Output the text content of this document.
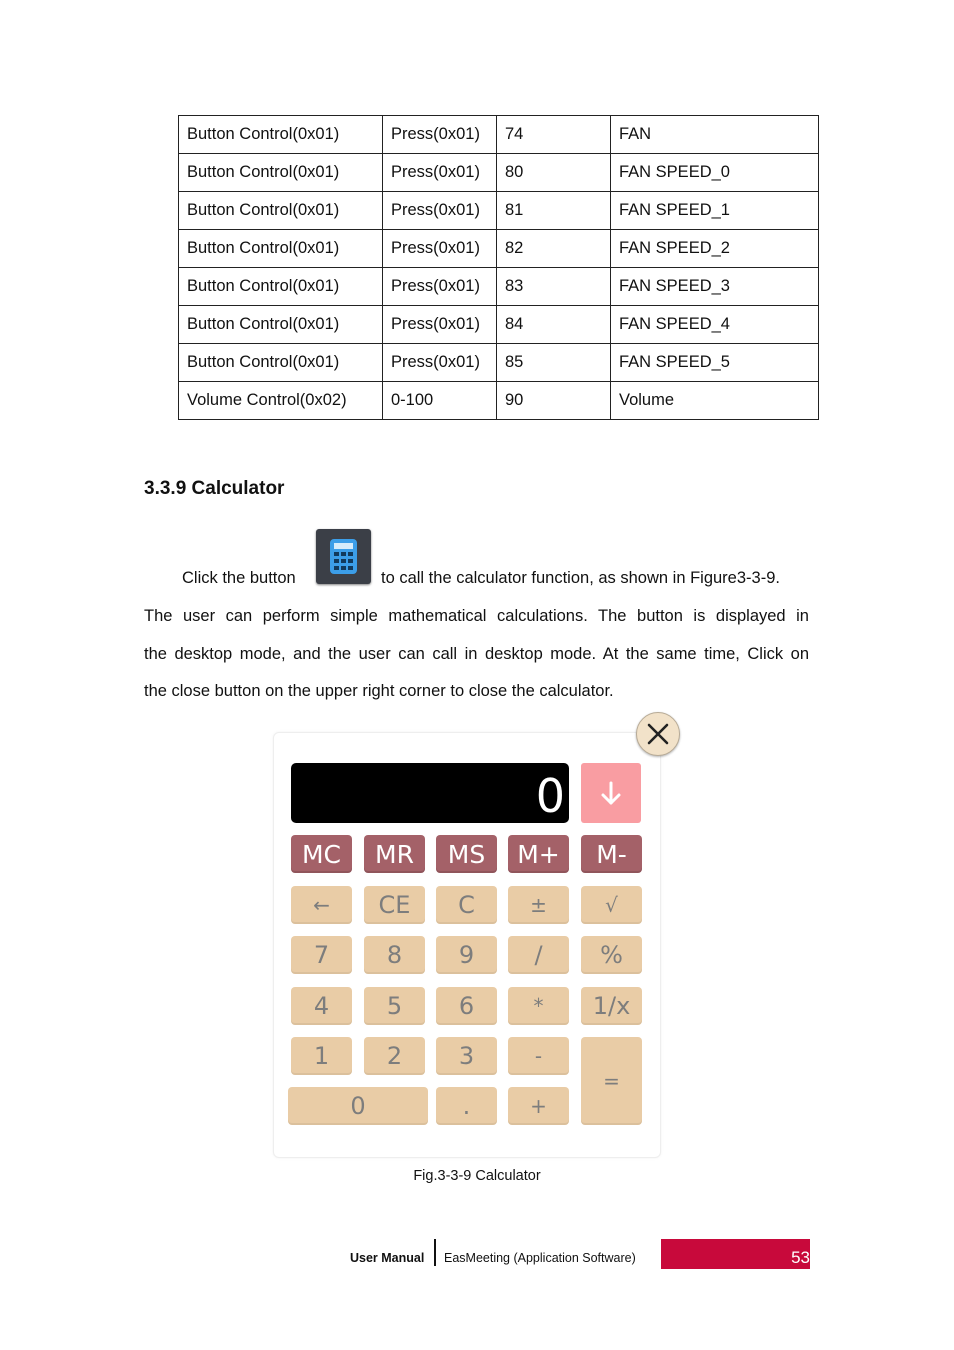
Button Control(0x01)	Press(0x01)	74	FAN
Button Control(0x01)	Press(0x01)	80	FAN SPEED_0
Button Control(0x01)	Press(0x01)	81	FAN SPEED_1
Button Control(0x01)	Press(0x01)	82	FAN SPEED_2
Button Control(0x01)	Press(0x01)	83	FAN SPEED_3
Button Control(0x01)	Press(0x01)	84	FAN SPEED_4
Button Control(0x01)	Press(0x01)	85	FAN SPEED_5
Volume Control(0x02)	0-100	90	Volume
3.3.9 Calculator
Click the button	to call the calculator function, as shown in Figure3-3-9.
The user can perform simple mathematical calculations. The button is displayed in
the desktop mode, and the user can call in desktop mode. At the same time, Click on
the close button on the upper right corner to close the calculator.
0
MC	MR	MS	M+	M-
←	CE	C	±	√
7	8	9	/	%
4	5	6	*	1/x
1	2	3	-
=
0	.	+
Fig.3-3-9 Calculator
User Manual EasMeeting (Application Software)	53
